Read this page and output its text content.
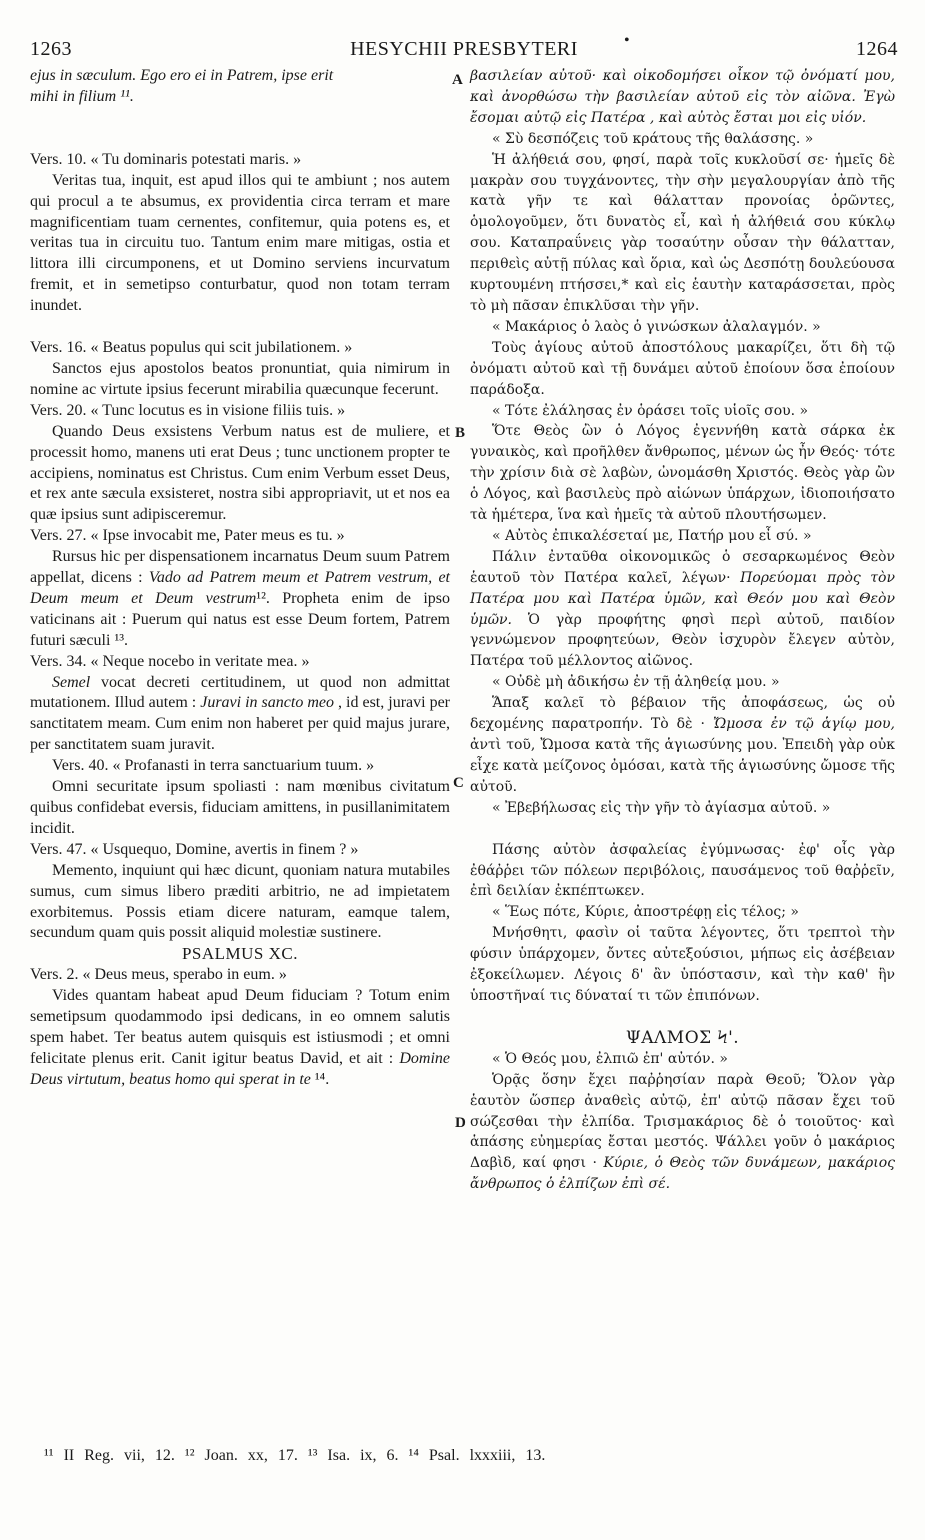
1263	HESYCHII PRESBYTERI	•	1264
A
B
C
D

ejus in sæculum. Ego ero ei in Patrem, ipse erit

mihi in filium ¹¹.

Vers. 10. « Tu dominaris potestati maris. »

Veritas tua, inquit, est apud illos qui te ambiunt ; nos autem qui procul a te absumus, ex providentia circa terram et mare magnificentiam tuam cernentes, confitemur, quia potens es, et veritas tua in circuitu tuo. Tantum enim mare mitigas, ostia et littora illi circumponens, et ut Domino serviens incurvatum fremit, et in semetipso conturbatur, quod non totam terram inundet.

Vers. 16. « Beatus populus qui scit jubilationem. »

Sanctos ejus apostolos beatos pronuntiat, quia nimirum in nomine ac virtute ipsius fecerunt mirabilia quæcunque fecerunt.

Vers. 20. « Tunc locutus es in visione filiis tuis. »

Quando Deus exsistens Verbum natus est de muliere, et processit homo, manens uti erat Deus ; tunc unctionem propter te accipiens, nominatus est Christus. Cum enim Verbum esset Deus, et rex ante sæcula exsisteret, nostra sibi appropriavit, ut et nos ea quæ ipsius sunt adipisceremur.

Vers. 27. « Ipse invocabit me, Pater meus es tu. »

Rursus hic per dispensationem incarnatus Deum suum Patrem appellat, dicens : Vado ad Patrem meum et Patrem vestrum, et Deum meum et Deum vestrum¹². Propheta enim de ipso vaticinans ait : Puerum qui natus est esse Deum fortem, Patrem futuri sæculi ¹³.

Vers. 34. « Neque nocebo in veritate mea. »

Semel vocat decreti certitudinem, ut quod non admittat mutationem. Illud autem : Juravi in sancto meo , id est, juravi per sanctitatem meam. Cum enim non haberet per quid majus jurare, per sanctitatem suam juravit.

Vers. 40. « Profanasti in terra sanctuarium tuum. »

Omni securitate ipsum spoliasti : nam mœnibus civitatum quibus confidebat eversis, fiduciam amittens, in pusillanimitatem incidit.

Vers. 47. « Usquequo, Domine, avertis in finem ? »

Memento, inquiunt qui hæc dicunt, quoniam natura mutabiles sumus, cum simus libero præditi arbitrio, ne ad impietatem exorbitemus. Possis etiam dicere naturam, eamque talem, secundum quam quis possit aliquid molestiæ sustinere.

PSALMUS XC.

Vers. 2. « Deus meus, sperabo in eum. »

Vides quantam habeat apud Deum fiduciam ? Totum enim semetipsum quodammodo ipsi dedicans, in eo omnem salutis spem habet. Ter beatus autem quisquis est istiusmodi ; et omni felicitate plenus erit. Canit igitur beatus David, et ait : Domine Deus virtutum, beatus homo qui sperat in te ¹⁴.

βασιλείαν αὐτοῦ· καὶ οἰκοδομήσει οἶκον τῷ ὀνόματί μου, καὶ ἀνορθώσω τὴν βασιλείαν αὐτοῦ εἰς τὸν αἰῶνα. Ἐγὼ ἔσομαι αὐτῷ εἰς Πατέρα , καὶ αὐτὸς ἔσται μοι εἰς υἱόν.

« Σὺ δεσπόζεις τοῦ κράτους τῆς θαλάσσης. »

Ἡ ἀλήθειά σου, φησί, παρὰ τοῖς κυκλοῦσί σε· ἡμεῖς δὲ μακρὰν σου τυγχάνοντες, τὴν σὴν μεγαλουργίαν ἀπὸ τῆς κατὰ γῆν τε καὶ θάλατταν προνοίας ὁρῶντες, ὁμολογοῦμεν, ὅτι δυνατὸς εἶ, καὶ ἡ ἀλήθειά σου κύκλῳ σου. Καταπραΰνεις γὰρ τοσαύτην οὖσαν τὴν θάλατταν, περιθεὶς αὐτῇ πύλας καὶ ὅρια, καὶ ὡς Δεσπότῃ δουλεύουσα κυρτουμένη πτήσσει,* καὶ εἰς ἑαυτὴν καταράσσεται, πρὸς τὸ μὴ πᾶσαν ἐπικλῦσαι τὴν γῆν.

« Μακάριος ὁ λαὸς ὁ γινώσκων ἀλαλαγμόν. »

Τοὺς ἁγίους αὐτοῦ ἀποστόλους μακαρίζει, ὅτι δὴ τῷ ὀνόματι αὐτοῦ καὶ τῇ δυνάμει αὐτοῦ ἐποίουν ὅσα ἐποίουν παράδοξα.

« Τότε ἐλάλησας ἐν ὁράσει τοῖς υἱοῖς σου. »

Ὅτε Θεὸς ὢν ὁ Λόγος ἐγεννήθη κατὰ σάρκα ἐκ γυναικὸς, καὶ προῆλθεν ἄνθρωπος, μένων ὡς ἦν Θεός· τότε τὴν χρίσιν διὰ σὲ λαβὼν, ὠνομάσθη Χριστός. Θεὸς γὰρ ὢν ὁ Λόγος, καὶ βασιλεὺς πρὸ αἰώνων ὑπάρχων, ἰδιοποιήσατο τὰ ἡμέτερα, ἵνα καὶ ἡμεῖς τὰ αὐτοῦ πλουτήσωμεν.

« Αὐτὸς ἐπικαλέσεταί με, Πατήρ μου εἶ σύ. »

Πάλιν ἐνταῦθα οἰκονομικῶς ὁ σεσαρκωμένος Θεὸν ἑαυτοῦ τὸν Πατέρα καλεῖ, λέγων· Πορεύομαι πρὸς τὸν Πατέρα μου καὶ Πατέρα ὑμῶν, καὶ Θεόν μου καὶ Θεὸν ὑμῶν. Ὁ γὰρ προφήτης φησὶ περὶ αὐτοῦ, παιδίον γεννώμενον προφητεύων, Θεὸν ἰσχυρὸν ἔλεγεν αὐτὸν, Πατέρα τοῦ μέλλοντος αἰῶνος.

« Οὐδὲ μὴ ἀδικήσω ἐν τῇ ἀληθείᾳ μου. »

Ἅπαξ καλεῖ τὸ βέβαιον τῆς ἀποφάσεως, ὡς οὐ δεχομένης παρατροπήν. Τὸ δὲ · Ὤμοσα ἐν τῷ ἁγίῳ μου, ἀντὶ τοῦ, Ὤμοσα κατὰ τῆς ἁγιωσύνης μου. Ἐπειδὴ γὰρ οὐκ εἶχε κατὰ μείζονος ὀμόσαι, κατὰ τῆς ἁγιωσύνης ὤμοσε τῆς αὐτοῦ.

« Ἐβεβήλωσας εἰς τὴν γῆν τὸ ἁγίασμα αὐτοῦ. »

Πάσης αὐτὸν ἀσφαλείας ἐγύμνωσας· ἐφ' οἷς γὰρ ἐθάῤῥει τῶν πόλεων περιβόλοις, παυσάμενος τοῦ θαῤῥεῖν, ἐπὶ δειλίαν ἐκπέπτωκεν.

« Ἕως πότε, Κύριε, ἀποστρέφῃ εἰς τέλος; »

Μνήσθητι, φασὶν οἱ ταῦτα λέγοντες, ὅτι τρεπτοὶ τὴν φύσιν ὑπάρχομεν, ὄντες αὐτεξούσιοι, μήπως εἰς ἀσέβειαν ἐξοκείλωμεν. Λέγοις δ' ἂν ὑπόστασιν, καὶ τὴν καθ' ἣν ὑποστῆναί τις δύναταί τι τῶν ἐπιπόνων.

ΨΑΛΜΟΣ Ϟ'.

« Ὁ Θεός μου, ἐλπιῶ ἐπ' αὐτόν. »

Ὁρᾷς ὅσην ἔχει παῤῥησίαν παρὰ Θεοῦ; Ὅλον γὰρ ἑαυτὸν ὥσπερ ἀναθεὶς αὐτῷ, ἐπ' αὐτῷ πᾶσαν ἔχει τοῦ σώζεσθαι τὴν ἐλπίδα. Τρισμακάριος δὲ ὁ τοιοῦτος· καὶ ἁπάσης εὐημερίας ἔσται μεστός. Ψάλλει γοῦν ὁ μακάριος Δαβὶδ, καί φησι · Κύριε, ὁ Θεὸς τῶν δυνάμεων, μακάριος ἄνθρωπος ὁ ἐλπίζων ἐπὶ σέ.

¹¹ II Reg. vii, 12. ¹² Joan. xx, 17. ¹³ Isa. ix, 6. ¹⁴ Psal. lxxxiii, 13.
